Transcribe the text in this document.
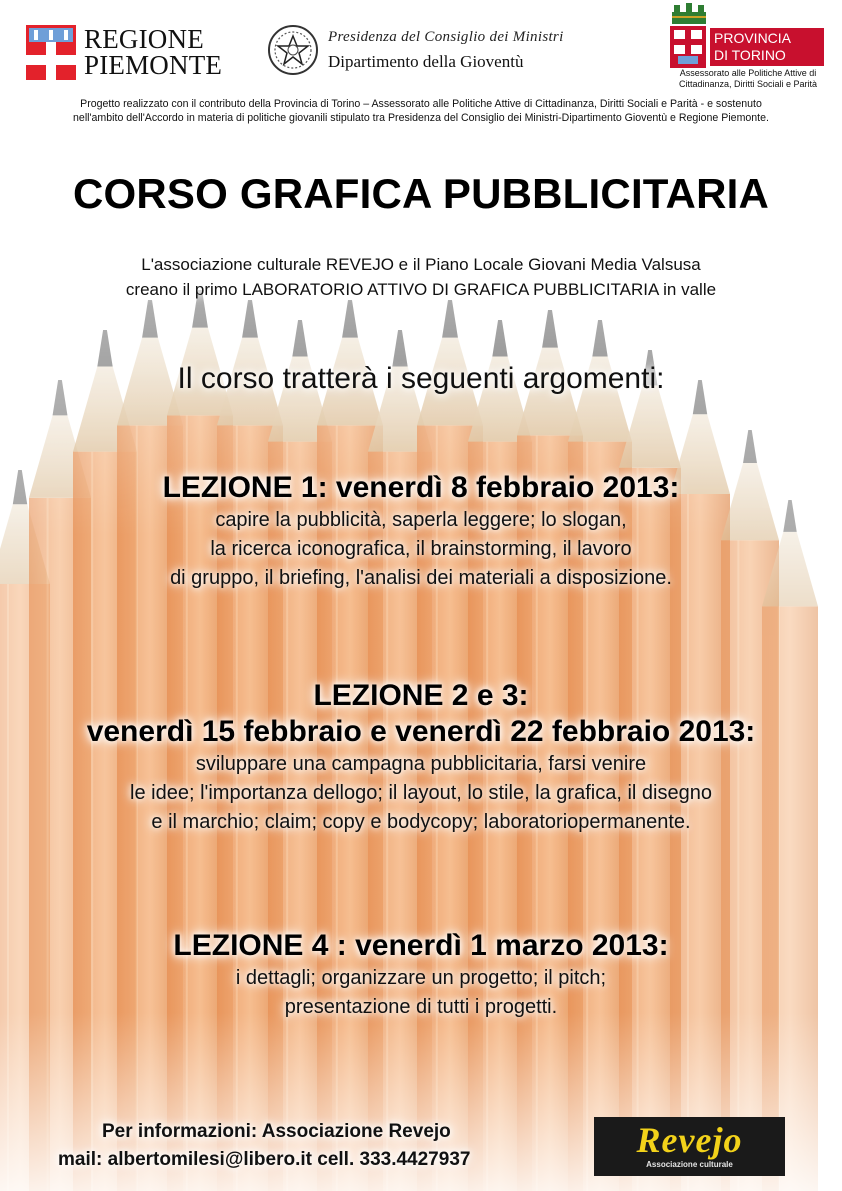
REGIONE
PIEMONTE
Presidenza del Consiglio dei Ministri
Dipartimento della Gioventù
PROVINCIA
DI TORINO
Assessorato alle Politiche Attive di
Cittadinanza, Diritti Sociali e Parità
Progetto realizzato con il contributo della Provincia di Torino – Assessorato alle Politiche Attive di Cittadinanza, Diritti Sociali e Parità - e sostenuto
nell'ambito dell'Accordo in materia di politiche giovanili stipulato tra Presidenza del Consiglio dei Ministri-Dipartimento Gioventù e Regione Piemonte.
CORSO GRAFICA PUBBLICITARIA
L'associazione culturale REVEJO e il Piano Locale Giovani Media Valsusa
creano il primo LABORATORIO ATTIVO DI GRAFICA PUBBLICITARIA in valle
Il corso tratterà i seguenti argomenti:
LEZIONE 1: venerdì 8 febbraio 2013:

capire la pubblicità, saperla leggere; lo slogan,

la ricerca iconografica, il brainstorming, il lavoro

di gruppo, il briefing, l'analisi dei materiali a disposizione.

LEZIONE 2 e 3:
venerdì 15 febbraio e venerdì 22 febbraio 2013:

sviluppare una campagna pubblicitaria, farsi venire

le idee; l'importanza dellogo; il layout, lo stile, la grafica, il disegno

e il marchio; claim; copy e bodycopy; laboratoriopermanente.

LEZIONE 4 : venerdì 1 marzo 2013:

i dettagli; organizzare un progetto; il pitch;

presentazione di tutti i progetti.

Per informazioni: Associazione Revejo
mail: albertomilesi@libero.it cell. 333.4427937	Revejo
Associazione culturale
